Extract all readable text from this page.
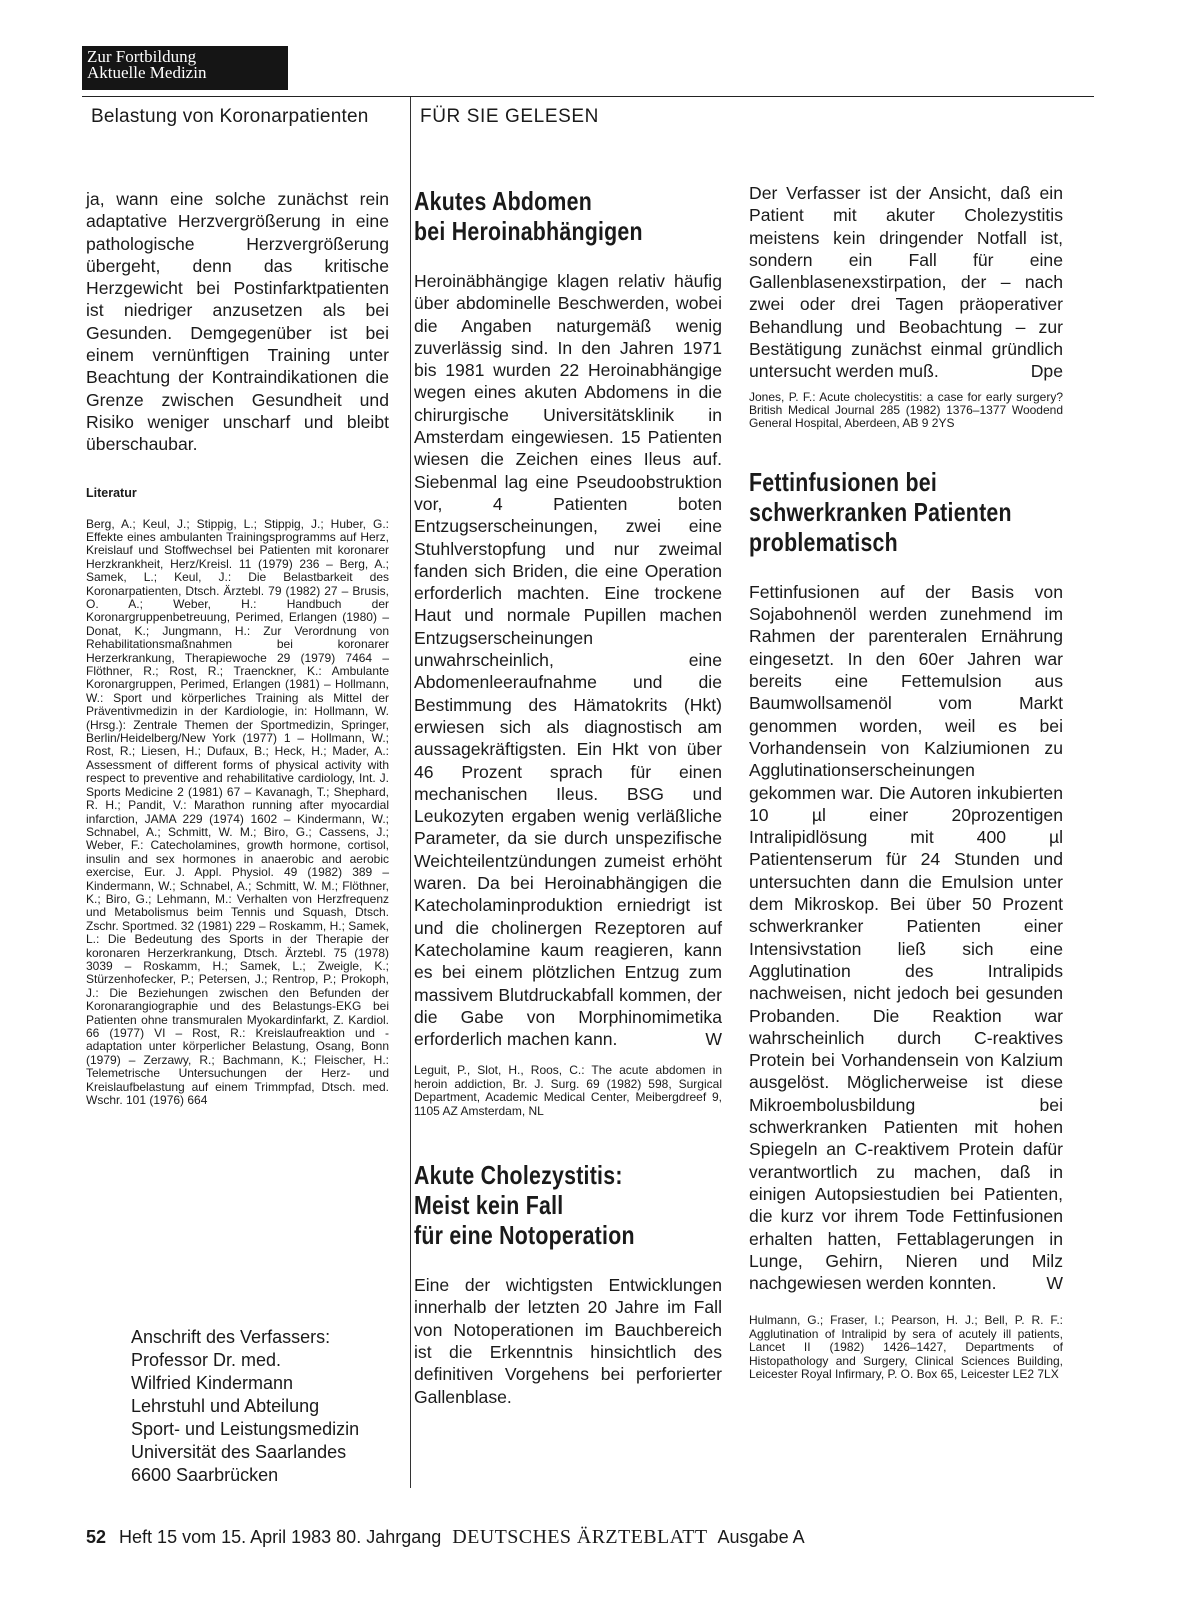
Zur Fortbildung
Aktuelle Medizin
Belastung von Koronarpatienten	FÜR SIE GELESEN

ja, wann eine solche zunächst rein adaptative Herzvergrößerung in eine pathologische Herzvergrößerung übergeht, denn das kritische Herzgewicht bei Postinfarktpatienten ist niedriger anzusetzen als bei Gesunden. Demgegenüber ist bei einem vernünftigen Training unter Beachtung der Kontraindikationen die Grenze zwischen Gesundheit und Risiko weniger unscharf und bleibt überschaubar.

Literatur

Berg, A.; Keul, J.; Stippig, L.; Stippig, J.; Huber, G.: Effekte eines ambulanten Trainingsprogramms auf Herz, Kreislauf und Stoffwechsel bei Patienten mit koronarer Herzkrankheit, Herz/Kreisl. 11 (1979) 236 – Berg, A.; Samek, L.; Keul, J.: Die Belastbarkeit des Koronarpatienten, Dtsch. Ärztebl. 79 (1982) 27 – Brusis, O. A.; Weber, H.: Handbuch der Koronargruppenbetreuung, Perimed, Erlangen (1980) – Donat, K.; Jungmann, H.: Zur Verordnung von Rehabilitationsmaßnahmen bei koronarer Herzerkrankung, Therapiewoche 29 (1979) 7464 – Flöthner, R.; Rost, R.; Traenckner, K.: Ambulante Koronargruppen, Perimed, Erlangen (1981) – Hollmann, W.: Sport und körperliches Training als Mittel der Präventivmedizin in der Kardiologie, in: Hollmann, W. (Hrsg.): Zentrale Themen der Sportmedizin, Springer, Berlin/Heidelberg/New York (1977) 1 – Hollmann, W.; Rost, R.; Liesen, H.; Dufaux, B.; Heck, H.; Mader, A.: Assessment of different forms of physical activity with respect to preventive and rehabilitative cardiology, Int. J. Sports Medicine 2 (1981) 67 – Kavanagh, T.; Shephard, R. H.; Pandit, V.: Marathon running after myocardial infarction, JAMA 229 (1974) 1602 – Kindermann, W.; Schnabel, A.; Schmitt, W. M.; Biro, G.; Cassens, J.; Weber, F.: Catecholamines, growth hormone, cortisol, insulin and sex hormones in anaerobic and aerobic exercise, Eur. J. Appl. Physiol. 49 (1982) 389 – Kindermann, W.; Schnabel, A.; Schmitt, W. M.; Flöthner, K.; Biro, G.; Lehmann, M.: Verhalten von Herzfrequenz und Metabolismus beim Tennis und Squash, Dtsch. Zschr. Sportmed. 32 (1981) 229 – Roskamm, H.; Samek, L.: Die Bedeutung des Sports in der Therapie der koronaren Herzerkrankung, Dtsch. Ärztebl. 75 (1978) 3039 – Roskamm, H.; Samek, L.; Zweigle, K.; Stürzenhofecker, P.; Petersen, J.; Rentrop, P.; Prokoph, J.: Die Beziehungen zwischen den Befunden der Koronarangiographie und des Belastungs-EKG bei Patienten ohne transmuralen Myokardinfarkt, Z. Kardiol. 66 (1977) VI – Rost, R.: Kreislaufreaktion und -adaptation unter körperlicher Belastung, Osang, Bonn (1979) – Zerzawy, R.; Bachmann, K.; Fleischer, H.: Telemetrische Untersuchungen der Herz- und Kreislaufbelastung auf einem Trimmpfad, Dtsch. med. Wschr. 101 (1976) 664

Anschrift des Verfassers:
Professor Dr. med.
Wilfried Kindermann
Lehrstuhl und Abteilung
Sport- und Leistungsmedizin
Universität des Saarlandes
6600 Saarbrücken
Akutes Abdomen
bei Heroinabhängigen

Heroinäbhängige klagen relativ häufig über abdominelle Beschwerden, wobei die Angaben naturgemäß wenig zuverlässig sind. In den Jahren 1971 bis 1981 wurden 22 Heroinabhängige wegen eines akuten Abdomens in die chirurgische Universitätsklinik in Amsterdam eingewiesen. 15 Patienten wiesen die Zeichen eines Ileus auf. Siebenmal lag eine Pseudoobstruktion vor, 4 Patienten boten Entzugserscheinungen, zwei eine Stuhlverstopfung und nur zweimal fanden sich Briden, die eine Operation erforderlich machten. Eine trockene Haut und normale Pupillen machen Entzugserscheinungen unwahrscheinlich, eine Abdomenleeraufnahme und die Bestimmung des Hämatokrits (Hkt) erwiesen sich als diagnostisch am aussagekräftigsten. Ein Hkt von über 46 Prozent sprach für einen mechanischen Ileus. BSG und Leukozyten ergaben wenig verläßliche Parameter, da sie durch unspezifische Weichteilentzündungen zumeist erhöht waren. Da bei Heroinabhängigen die Katecholaminproduktion erniedrigt ist und die cholinergen Rezeptoren auf Katecholamine kaum reagieren, kann es bei einem plötzlichen Entzug zum massivem Blutdruckabfall kommen, der die Gabe von Morphinomimetika erforderlich machen kann.	W

Leguit, P., Slot, H., Roos, C.: The acute abdomen in heroin addiction, Br. J. Surg. 69 (1982) 598, Surgical Department, Academic Medical Center, Meibergdreef 9, 1105 AZ Amsterdam, NL

Akute Cholezystitis:
Meist kein Fall
für eine Notoperation

Eine der wichtigsten Entwicklungen innerhalb der letzten 20 Jahre im Fall von Notoperationen im Bauchbereich ist die Erkenntnis hinsichtlich des definitiven Vorgehens bei perforierter Gallenblase.

Der Verfasser ist der Ansicht, daß ein Patient mit akuter Cholezystitis meistens kein dringender Notfall ist, sondern ein Fall für eine Gallenblasenexstirpation, der – nach zwei oder drei Tagen präoperativer Behandlung und Beobachtung – zur Bestätigung zunächst einmal gründlich untersucht werden muß.	Dpe

Jones, P. F.: Acute cholecystitis: a case for early surgery? British Medical Journal 285 (1982) 1376–1377 Woodend General Hospital, Aberdeen, AB 9 2YS

Fettinfusionen bei
schwerkranken Patienten
problematisch

Fettinfusionen auf der Basis von Sojabohnenöl werden zunehmend im Rahmen der parenteralen Ernährung eingesetzt. In den 60er Jahren war bereits eine Fettemulsion aus Baumwollsamenöl vom Markt genommen worden, weil es bei Vorhandensein von Kalziumionen zu Agglutinationserscheinungen gekommen war. Die Autoren inkubierten 10 µl einer 20prozentigen Intralipidlösung mit 400 µl Patientenserum für 24 Stunden und untersuchten dann die Emulsion unter dem Mikroskop. Bei über 50 Prozent schwerkranker Patienten einer Intensivstation ließ sich eine Agglutination des Intralipids nachweisen, nicht jedoch bei gesunden Probanden. Die Reaktion war wahrscheinlich durch C-reaktives Protein bei Vorhandensein von Kalzium ausgelöst. Möglicherweise ist diese Mikroembolusbildung bei schwerkranken Patienten mit hohen Spiegeln an C-reaktivem Protein dafür verantwortlich zu machen, daß in einigen Autopsiestudien bei Patienten, die kurz vor ihrem Tode Fettinfusionen erhalten hatten, Fettablagerungen in Lunge, Gehirn, Nieren und Milz nachgewiesen werden konnten.	W

Hulmann, G.; Fraser, I.; Pearson, H. J.; Bell, P. R. F.: Agglutination of Intralipid by sera of acutely ill patients, Lancet II (1982) 1426–1427, Departments of Histopathology and Surgery, Clinical Sciences Building, Leicester Royal Infirmary, P. O. Box 65, Leicester LE2 7LX

52 Heft 15 vom 15. April 1983 80. Jahrgang DEUTSCHES ÄRZTEBLATT Ausgabe A
